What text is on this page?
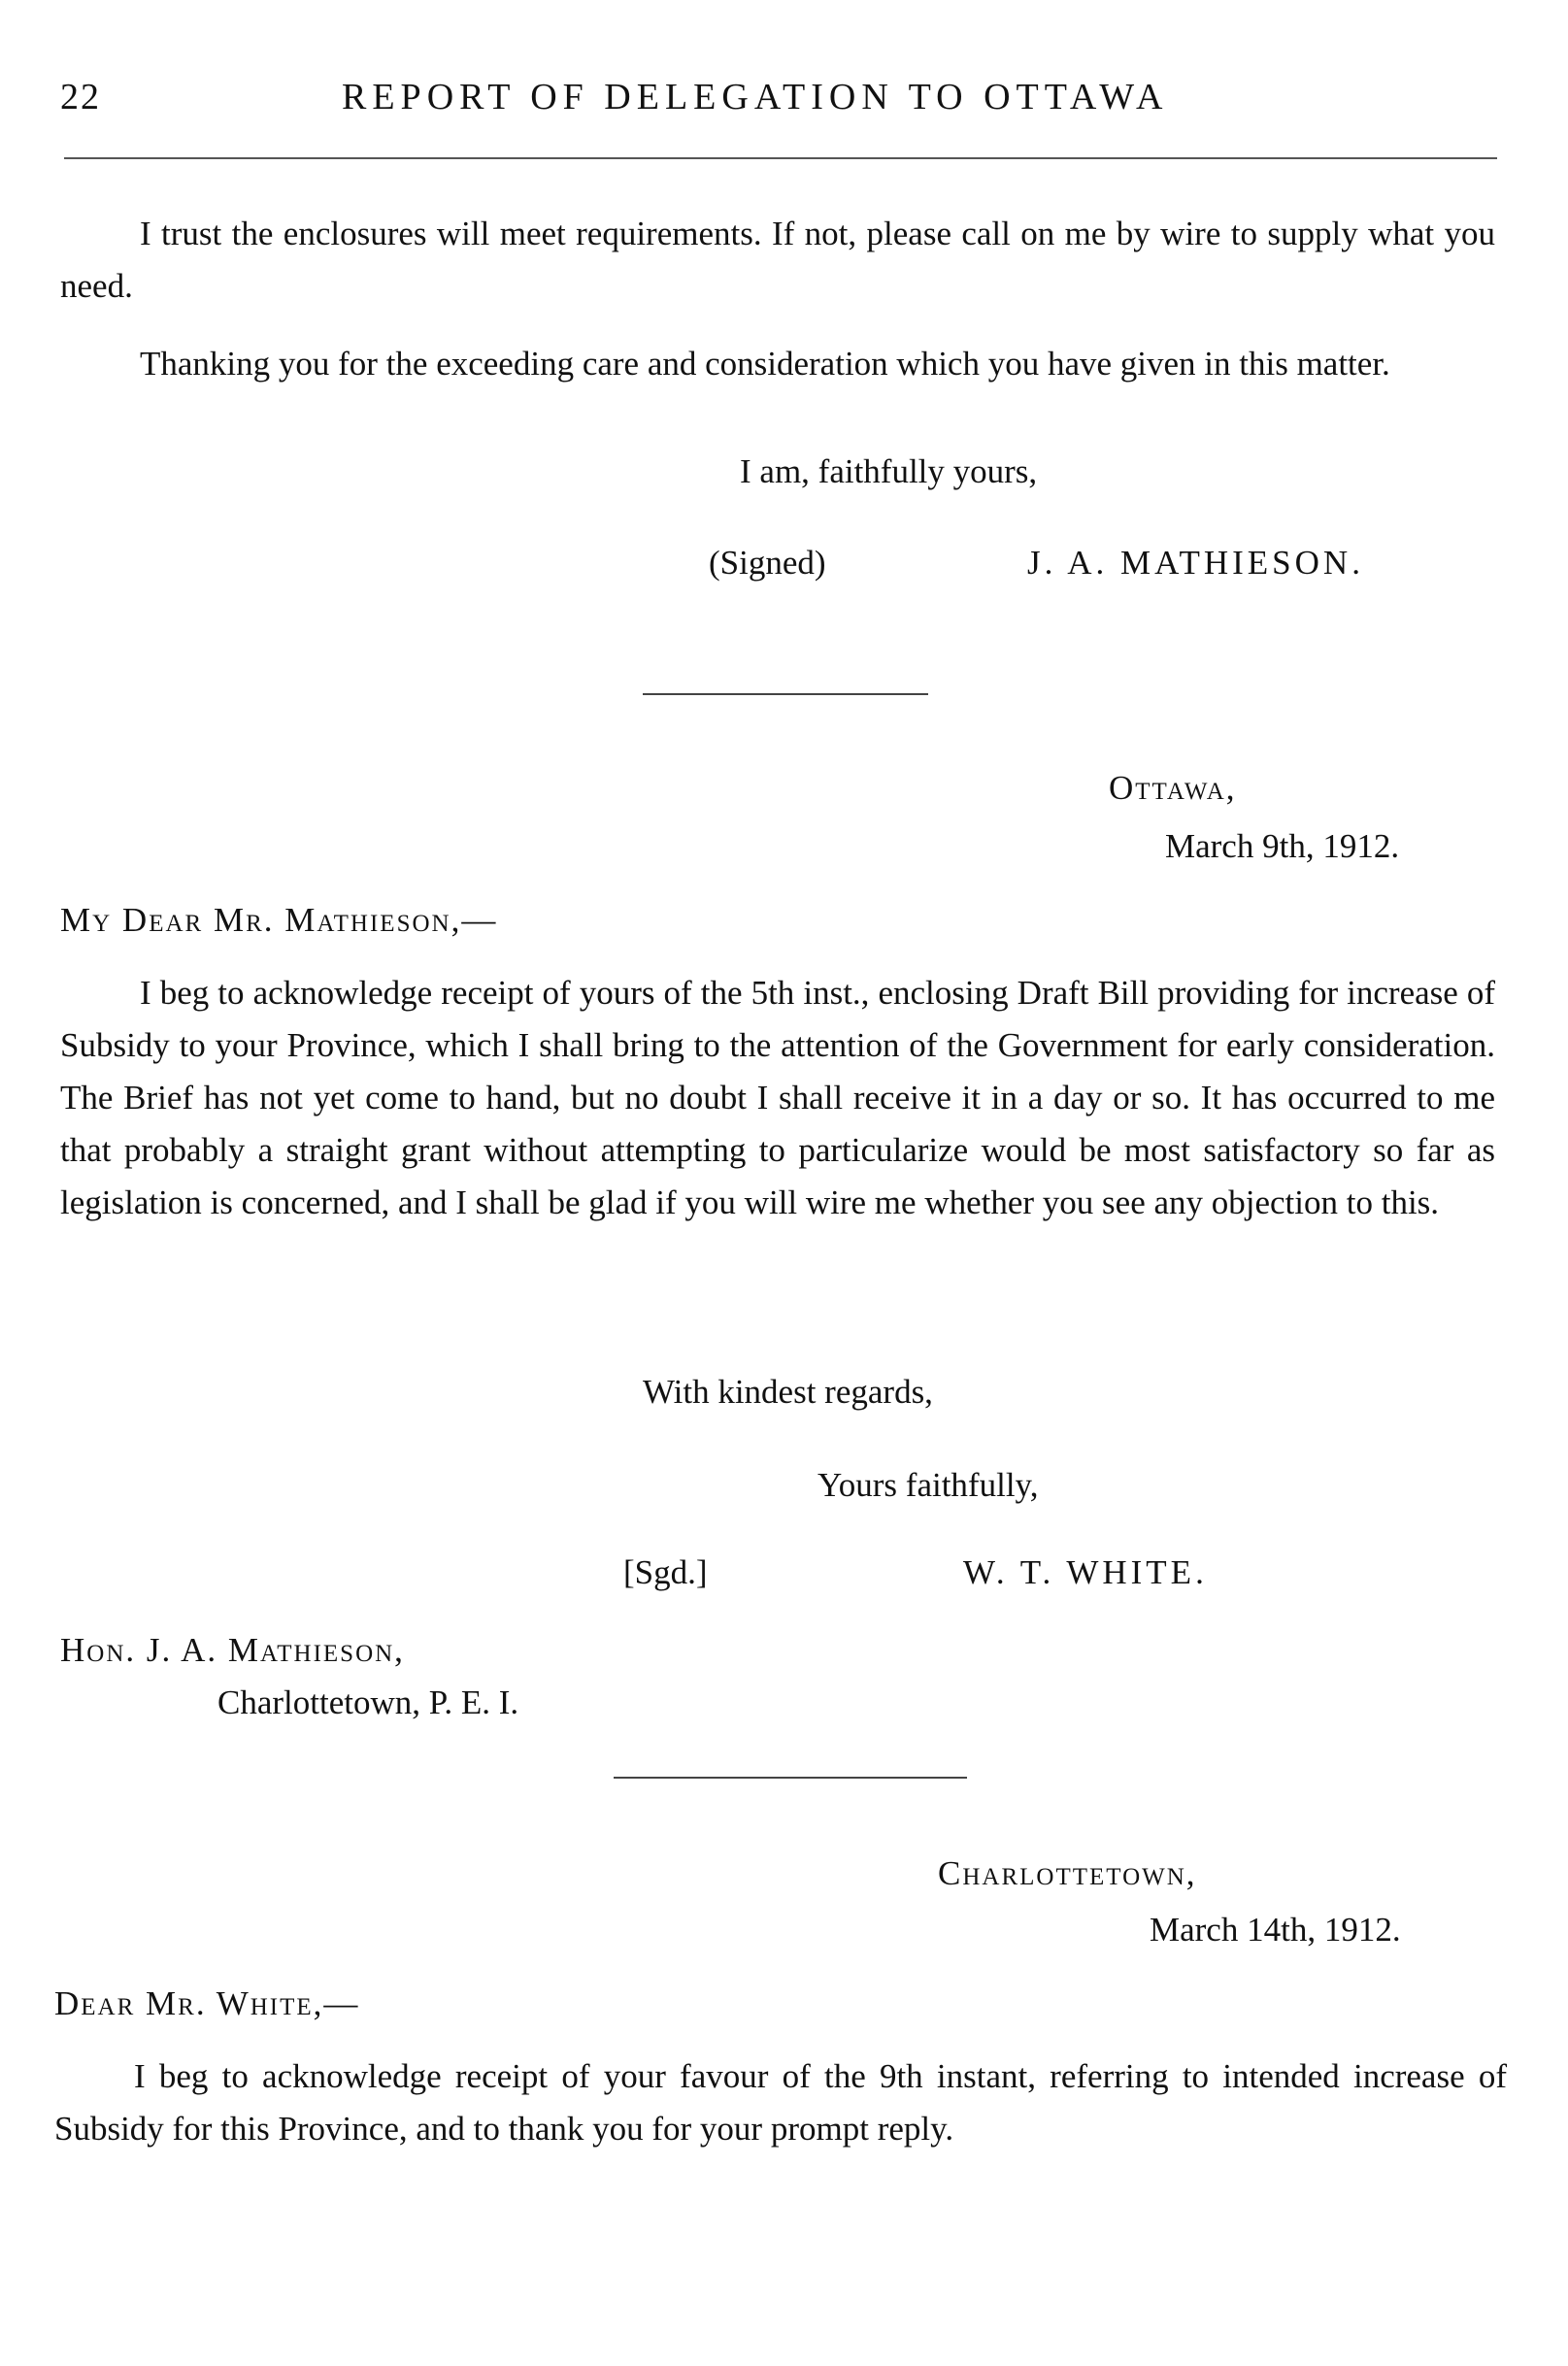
22	REPORT OF DELEGATION TO OTTAWA

I trust the enclosures will meet requirements. If not, please call on me by wire to supply what you need.

Thanking you for the exceeding care and consideration which you have given in this matter.

I am, faithfully yours,
(Signed)	J. A. MATHIESON.
Ottawa,
March 9th, 1912.
My Dear Mr. Mathieson,—

I beg to acknowledge receipt of yours of the 5th inst., enclosing Draft Bill providing for increase of Subsidy to your Province, which I shall bring to the attention of the Government for early consideration. The Brief has not yet come to hand, but no doubt I shall receive it in a day or so. It has occurred to me that probably a straight grant without attempting to particularize would be most satisfactory so far as legislation is concerned, and I shall be glad if you will wire me whether you see any objection to this.

With kindest regards,
Yours faithfully,
[Sgd.]	W. T. WHITE.
Hon. J. A. Mathieson,
Charlottetown, P. E. I.
Charlottetown,
March 14th, 1912.
Dear Mr. White,—

I beg to acknowledge receipt of your favour of the 9th instant, referring to intended increase of Subsidy for this Province, and to thank you for your prompt reply.
